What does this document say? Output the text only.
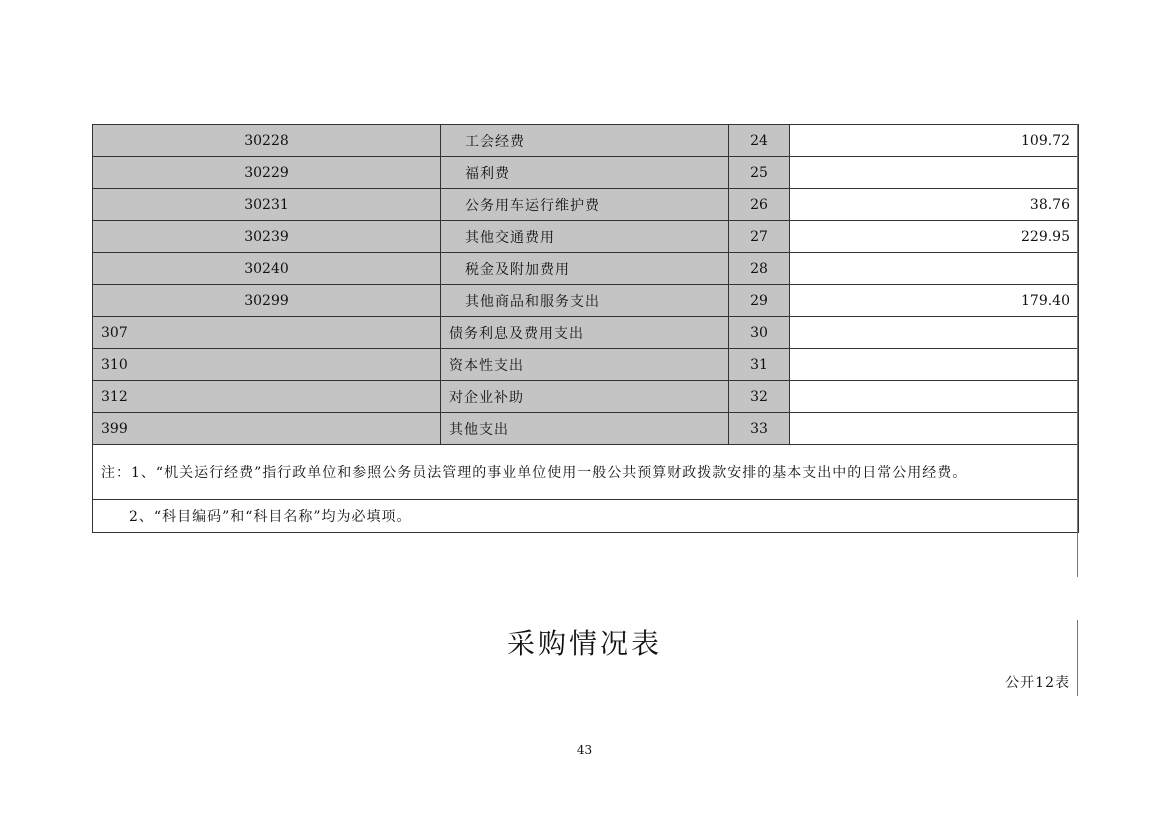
30228	工会经费	24	109.72
30229	福利费	25	
30231	公务用车运行维护费	26	38.76
30239	其他交通费用	27	229.95
30240	税金及附加费用	28	
30299	其他商品和服务支出	29	179.40
307	债务利息及费用支出	30	
310	资本性支出	31	
312	对企业补助	32	
399	其他支出	33	
注：1、“机关运行经费”指行政单位和参照公务员法管理的事业单位使用一般公共预算财政拨款安排的基本支出中的日常公用经费。			
2、“科目编码”和“科目名称”均为必填项。			
采购情况表
公开12表
43
